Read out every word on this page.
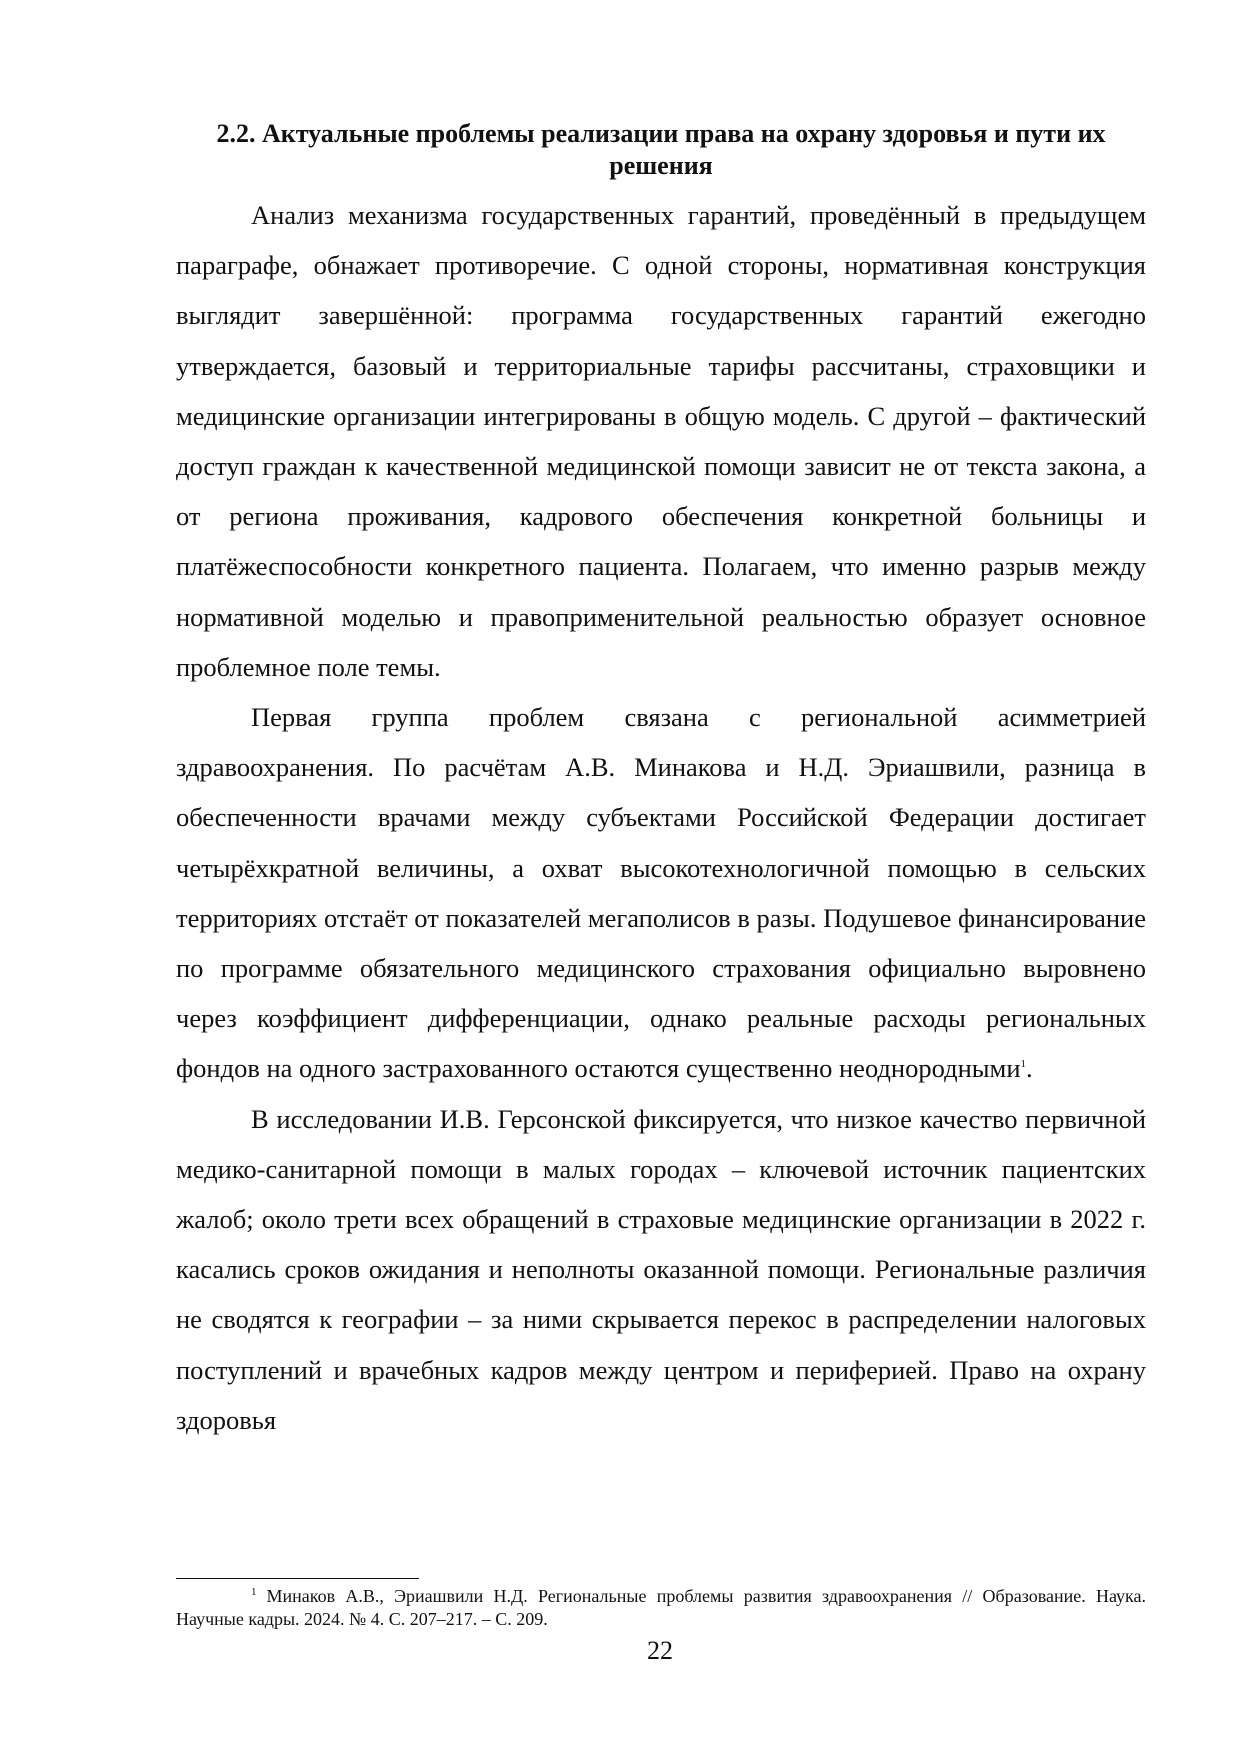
2.2. Актуальные проблемы реализации права на охрану здоровья и пути их решения

Анализ механизма государственных гарантий, проведённый в предыдущем параграфе, обнажает противоречие. С одной стороны, нормативная конструкция выглядит завершённой: программа государственных гарантий ежегодно утверждается, базовый и территориальные тарифы рассчитаны, страховщики и медицинские организации интегрированы в общую модель. С другой – фактический доступ граждан к качественной медицинской помощи зависит не от текста закона, а от региона проживания, кадрового обеспечения конкретной больницы и платёжеспособности конкретного пациента. Полагаем, что именно разрыв между нормативной моделью и правоприменительной реальностью образует основное проблемное поле темы.

Первая группа проблем связана с региональной асимметрией здравоохранения. По расчётам А.В. Минакова и Н.Д. Эриашвили, разница в обеспеченности врачами между субъектами Российской Федерации достигает четырёхкратной величины, а охват высокотехнологичной помощью в сельских территориях отстаёт от показателей мегаполисов в разы. Подушевое финансирование по программе обязательного медицинского страхования официально выровнено через коэффициент дифференциации, однако реальные расходы региональных фондов на одного застрахованного остаются существенно неоднородными$^1$.

В исследовании И.В. Герсонской фиксируется, что низкое качество первичной медико-санитарной помощи в малых городах – ключевой источник пациентских жалоб; около трети всех обращений в страховые медицинские организации в 2022 г. касались сроков ожидания и неполноты оказанной помощи. Региональные различия не сводятся к географии – за ними скрывается перекос в распределении налоговых поступлений и врачебных кадров между центром и периферией. Право на охрану здоровья

$^1$ Минаков А.В., Эриашвили Н.Д. Региональные проблемы развития здравоохранения // Образование. Наука. Научные кадры. 2024. № 4. С. 207–217. – С. 209.
22
